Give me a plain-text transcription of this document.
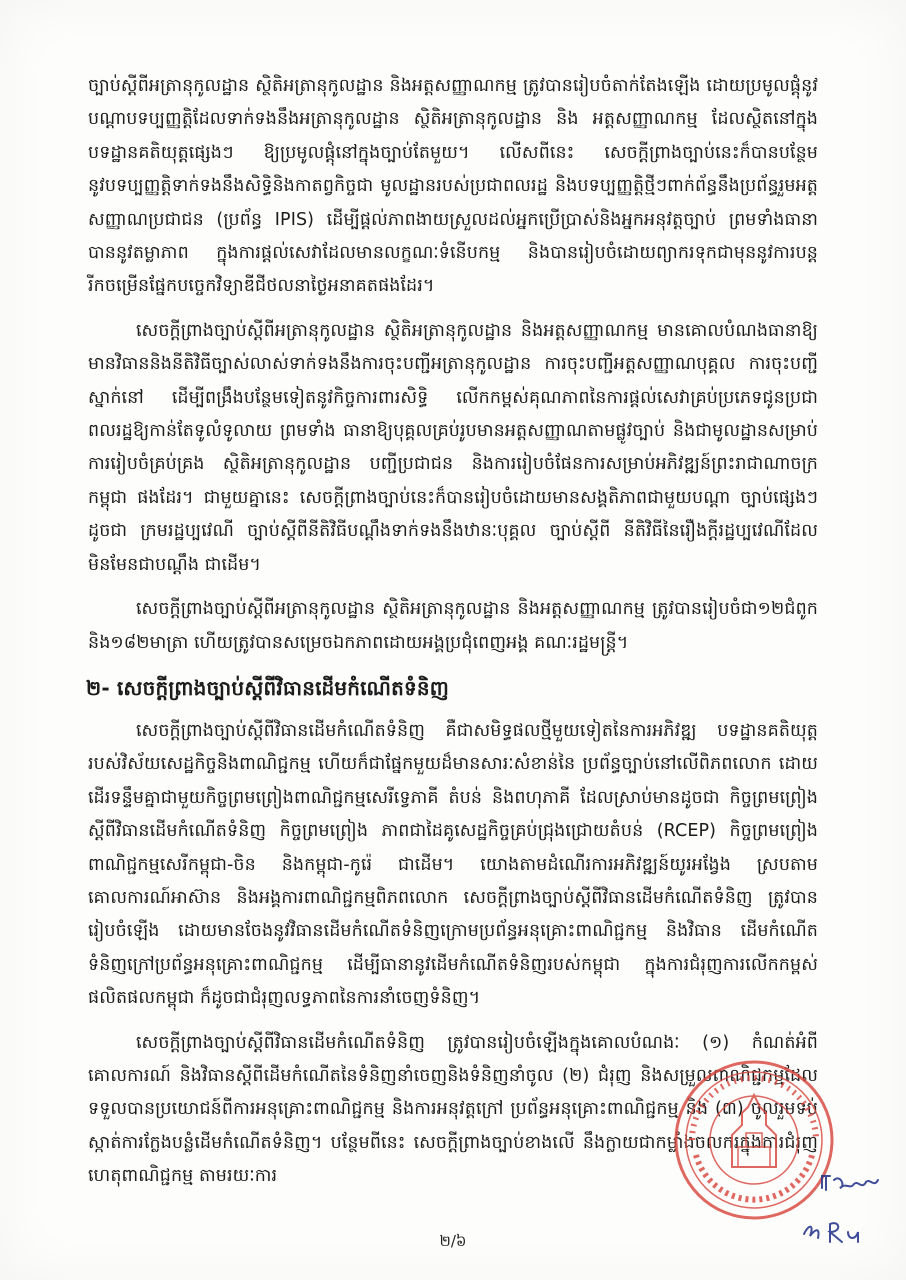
ច្បាប់ស្តីពីអត្រានុកូលដ្ឋាន ស្ថិតិអត្រានុកូលដ្ឋាន និងអត្តសញ្ញាណកម្ម ត្រូវបានរៀបចំតាក់តែងឡើង ដោយប្រមូលផ្តុំនូវបណ្តាបទប្បញ្ញត្តិដែលទាក់ទងនឹងអត្រានុកូលដ្ឋាន ស្ថិតិអត្រានុកូលដ្ឋាន និង អត្តសញ្ញាណកម្ម ដែលស្ថិតនៅក្នុងបទដ្ឋានគតិយុត្តផ្សេងៗ ឱ្យប្រមូលផ្តុំនៅក្នុងច្បាប់តែមួយ។ លើសពីនេះ សេចក្តីព្រាងច្បាប់នេះក៏បានបន្ថែមនូវបទប្បញ្ញត្តិទាក់ទងនឹងសិទ្ធិនិងកាតព្វកិច្ចជា មូលដ្ឋានរបស់ប្រជាពលរដ្ឋ និងបទប្បញ្ញត្តិថ្មីៗពាក់ព័ន្ធនឹងប្រព័ន្ធរួមអត្តសញ្ញាណប្រជាជន (ប្រព័ន្ធ IPIS) ដើម្បីផ្តល់ភាពងាយស្រួលដល់អ្នកប្រើប្រាស់និងអ្នកអនុវត្តច្បាប់ ព្រមទាំងធានាបាននូវតម្លាភាព ក្នុងការផ្តល់សេវាដែលមានលក្ខណៈទំនើបកម្ម និងបានរៀបចំដោយព្យាករទុកជាមុននូវការបន្ត រីកចម្រើនផ្នែកបច្ចេកវិទ្យាឌីជីថលនាថ្ងៃអនាគតផងដែរ។

សេចក្តីព្រាងច្បាប់ស្តីពីអត្រានុកូលដ្ឋាន ស្ថិតិអត្រានុកូលដ្ឋាន និងអត្តសញ្ញាណកម្ម មានគោលបំណងធានាឱ្យមានវិធាននិងនីតិវិធីច្បាស់លាស់ទាក់ទងនឹងការចុះបញ្ជីអត្រានុកូលដ្ឋាន ការចុះបញ្ជីអត្តសញ្ញាណបុគ្គល ការចុះបញ្ជីស្នាក់នៅ ដើម្បីពង្រឹងបន្ថែមទៀតនូវកិច្ចការពារសិទ្ធិ លើកកម្ពស់គុណភាពនៃការផ្តល់សេវាគ្រប់ប្រភេទជូនប្រជាពលរដ្ឋឱ្យកាន់តែទូលំទូលាយ ព្រមទាំង ធានាឱ្យបុគ្គលគ្រប់រូបមានអត្តសញ្ញាណតាមផ្លូវច្បាប់ និងជាមូលដ្ឋានសម្រាប់ការរៀបចំគ្រប់គ្រង ស្ថិតិអត្រានុកូលដ្ឋាន បញ្ជីប្រជាជន និងការរៀបចំផែនការសម្រាប់អភិវឌ្ឍន៍ព្រះរាជាណាចក្រកម្ពុជា ផងដែរ។ ជាមួយគ្នានេះ សេចក្តីព្រាងច្បាប់នេះក៏បានរៀបចំដោយមានសង្គតិភាពជាមួយបណ្តា ច្បាប់ផ្សេងៗដូចជា ក្រមរដ្ឋប្បវេណី ច្បាប់ស្តីពីនីតិវិធីបណ្តឹងទាក់ទងនឹងឋានៈបុគ្គល ច្បាប់ស្តីពី នីតិវិធីនៃរឿងក្តីរដ្ឋប្បវេណីដែលមិនមែនជាបណ្តឹង ជាដើម។

សេចក្តីព្រាងច្បាប់ស្តីពីអត្រានុកូលដ្ឋាន ស្ថិតិអត្រានុកូលដ្ឋាន និងអត្តសញ្ញាណកម្ម ត្រូវបានរៀបចំជា១២ជំពូក និង១៨២មាត្រា ហើយត្រូវបានសម្រេចឯកភាពដោយអង្គប្រជុំពេញអង្គ គណៈរដ្ឋមន្ត្រី។

២- សេចក្តីព្រាងច្បាប់ស្តីពីវិធានដើមកំណើតទំនិញ

សេចក្តីព្រាងច្បាប់ស្តីពីវិធានដើមកំណើតទំនិញ គឺជាសមិទ្ធផលថ្មីមួយទៀតនៃការអភិវឌ្ឍ បទដ្ឋានគតិយុត្តរបស់វិស័យសេដ្ឋកិច្ចនិងពាណិជ្ជកម្ម ហើយក៏ជាផ្នែកមួយដ៏មានសារៈសំខាន់នៃ ប្រព័ន្ធច្បាប់នៅលើពិភពលោក ដោយដើរទន្ទឹមគ្នាជាមួយកិច្ចព្រមព្រៀងពាណិជ្ជកម្មសេរីទ្វេភាគី តំបន់ និងពហុភាគី ដែលស្រាប់មានដូចជា កិច្ចព្រមព្រៀងស្តីពីវិធានដើមកំណើតទំនិញ កិច្ចព្រមព្រៀង ភាពជាដៃគូសេដ្ឋកិច្ចគ្រប់ជ្រុងជ្រោយតំបន់ (RCEP) កិច្ចព្រមព្រៀងពាណិជ្ជកម្មសេរីកម្ពុជា-ចិន និងកម្ពុជា-កូរ៉េ ជាដើម។ យោងតាមដំណើរការអភិវឌ្ឍន៍យូរអង្វែង ស្របតាមគោលការណ៍អាស៊ាន និងអង្គការពាណិជ្ជកម្មពិភពលោក សេចក្តីព្រាងច្បាប់ស្តីពីវិធានដើមកំណើតទំនិញ ត្រូវបាន រៀបចំឡើង ដោយមានចែងនូវវិធានដើមកំណើតទំនិញក្រោមប្រព័ន្ធអនុគ្រោះពាណិជ្ជកម្ម និងវិធាន ដើមកំណើតទំនិញក្រៅប្រព័ន្ធអនុគ្រោះពាណិជ្ជកម្ម ដើម្បីធានានូវដើមកំណើតទំនិញរបស់កម្ពុជា ក្នុងការជំរុញការលើកកម្ពស់ផលិតផលកម្ពុជា ក៏ដូចជាជំរុញលទ្ធភាពនៃការនាំចេញទំនិញ។

សេចក្តីព្រាងច្បាប់ស្តីពីវិធានដើមកំណើតទំនិញ ត្រូវបានរៀបចំឡើងក្នុងគោលបំណងៈ (១) កំណត់អំពីគោលការណ៍ និងវិធានស្តីពីដើមកំណើតនៃទំនិញនាំចេញនិងទំនិញនាំចូល (២) ជំរុញ និងសម្រួលពាណិជ្ជកម្មដែលទទួលបានប្រយោជន៍ពីការអនុគ្រោះពាណិជ្ជកម្ម និងការអនុវត្តក្រៅ ប្រព័ន្ធអនុគ្រោះពាណិជ្ជកម្ម និង (៣) ចូលរួមទប់ស្កាត់ការក្លែងបន្លំដើមកំណើតទំនិញ។ បន្ថែមពីនេះ សេចក្តីព្រាងច្បាប់ខាងលើ នឹងក្លាយជាកម្លាំងចលករក្នុងការជំរុញហេតុពាណិជ្ជកម្ម តាមរយៈការ

២/៦
